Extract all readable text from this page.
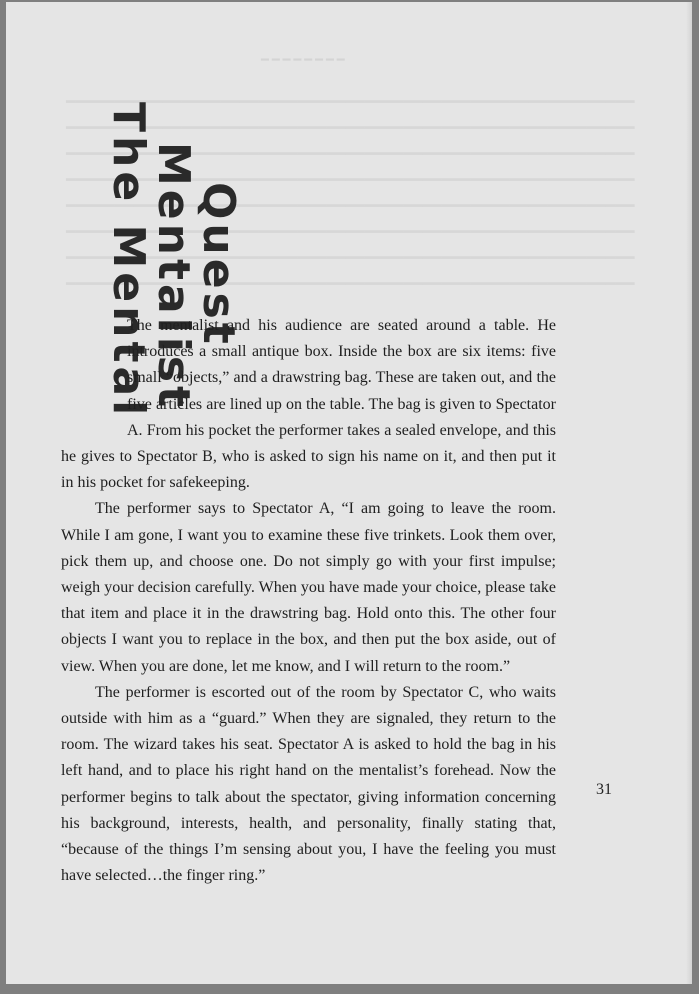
━━━━━━━━
━━━━━━━━━━━━━━━━━━━━━━━━━━━━━━━━━━━━━━━━━━━━━━━━━━━━━━━━━━━
━━━━━━━━━━━━━━━━━━━━━━━━━━━━━━━━━━━━━━━━━━━━━━━━━━━━━━━━━━━
━━━━━━━━━━━━━━━━━━━━━━━━━━━━━━━━━━━━━━━━━━━━━━━━━━━━━━━━━━━
━━━━━━━━━━━━━━━━━━━━━━━━━━━━━━━━━━━━━━━━━━━━━━━━━━━━━━━━━━━
━━━━━━━━━━━━━━━━━━━━━━━━━━━━━━━━━━━━━━━━━━━━━━━━━━━━━━━━━━━
━━━━━━━━━━━━━━━━━━━━━━━━━━━━━━━━━━━━━━━━━━━━━━━━━━━━━━━━━━━
━━━━━━━━━━━━━━━━━━━━━━━━━━━━━━━━━━━━━━━━━━━━━━━━━━━━━━━━━━━
━━━━━━━━━━━━━━━━━━━━━━━━━━━━━━━━━━━━━━━━━━━━━━━━━━━━━━━━━━━
The Mental
Mentalist
Quest

The mentalist and his audience are seated around a table. He introduces a small antique box. Inside the box are six items: five small “objects,” and a drawstring bag. These are taken out, and the five articles are lined up on the table. The bag is given to Spectator A. From his pocket the performer takes a sealed envelope, and this he gives to Spectator B, who is asked to sign his name on it, and then put it in his pocket for safekeeping.

The performer says to Spectator A, “I am going to leave the room. While I am gone, I want you to examine these five trinkets. Look them over, pick them up, and choose one. Do not simply go with your first impulse; weigh your decision carefully. When you have made your choice, please take that item and place it in the drawstring bag. Hold onto this. The other four objects I want you to replace in the box, and then put the box aside, out of view. When you are done, let me know, and I will return to the room.”

The performer is escorted out of the room by Spectator C, who waits outside with him as a “guard.” When they are signaled, they return to the room. The wizard takes his seat. Spectator A is asked to hold the bag in his left hand, and to place his right hand on the mentalist’s forehead. Now the performer begins to talk about the spectator, giving information concerning his background, interests, health, and personality, finally stating that, “because of the things I’m sensing about you, I have the feeling you must have selected…the finger ring.”

31
